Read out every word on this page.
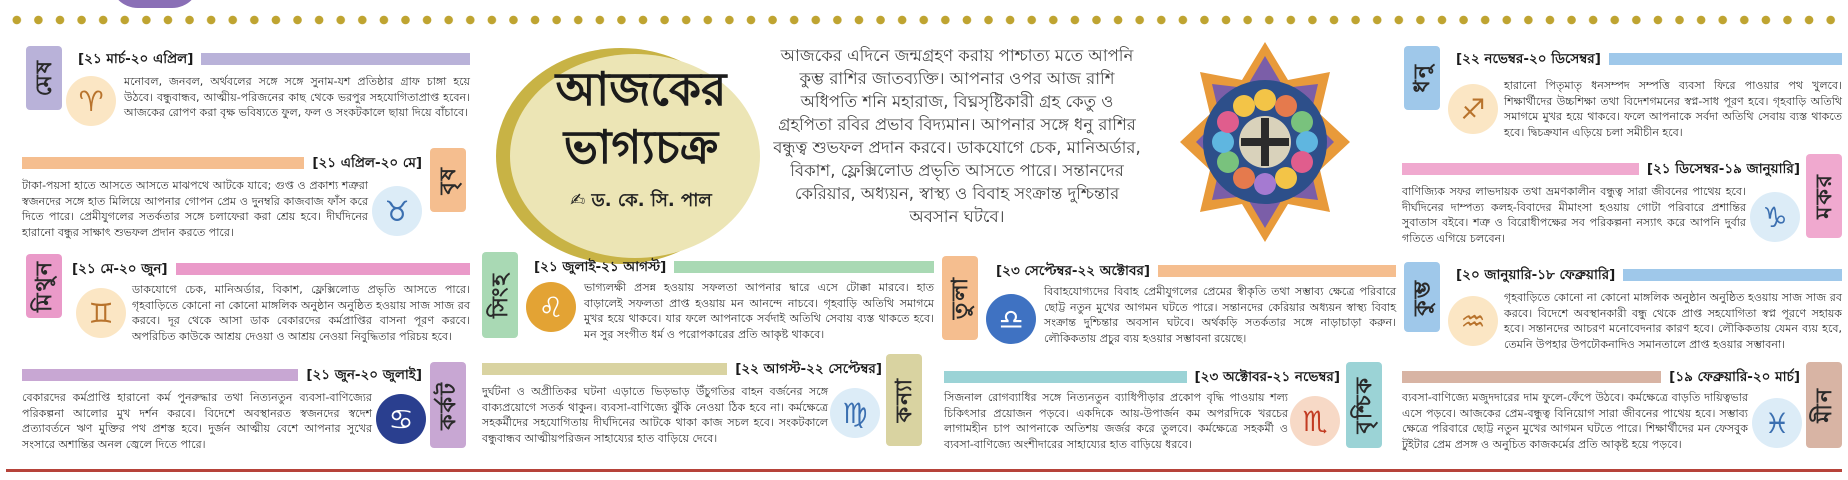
মেষ
[২১ মার্চ-২০ এপ্রিল]
♈
মনোবল, জনবল, অর্থবলের সঙ্গে সঙ্গে সুনাম-যশ প্রতিষ্ঠার গ্রাফ চাঙ্গা হয়ে উঠবে। বন্ধুবান্ধব, আত্মীয়-পরিজনের কাছ থেকে ভরপুর সহযোগিতাপ্রাপ্ত হবেন। আজকের রোপণ করা বৃক্ষ ভবিষ্যতে ফুল, ফল ও সংকটকালে ছায়া দিয়ে বাঁচাবে।
[২১ এপ্রিল-২০ মে]
বৃষ
♉
টাকা-পয়সা হাতে আসতে আসতে মাঝপথে আটকে যাবে; গুপ্ত ও প্রকাশ্য শত্রুরা স্বজনদের সঙ্গে হাত মিলিয়ে আপনার গোপন প্রেম ও দুনম্বরি কাজবাজ ফাঁস করে দিতে পারে। প্রেমীযুগলের সতর্কতার সঙ্গে চলাফেরা করা শ্রেয় হবে। দীর্ঘদিনের হারানো বন্ধুর সাক্ষাৎ শুভফল প্রদান করতে পারে।
মিথুন	[২১ মে-২০ জুন]
♊
ডাকযোগে চেক, মানিঅর্ডার, বিকাশ, ফ্লেক্সিলোড প্রভৃতি আসতে পারে। গৃহবাড়িতে কোনো না কোনো মাঙ্গলিক অনুষ্ঠান অনুষ্ঠিত হওয়ায় সাজ সাজ রব করবে। দূর থেকে আসা ডাক বেকারদের কর্মপ্রাপ্তির বাসনা পূরণ করবে। অপরিচিত কাউকে আশ্রয় দেওয়া ও আশ্রয় নেওয়া নিবুদ্ধিতার পরিচয় হবে।
[২১ জুন-২০ জুলাই]
কর্কট
♋
বেকারদের কর্মপ্রাপ্তি হারানো কর্ম পুনরুদ্ধার তথা নিত্যনতুন ব্যবসা-বাণিজ্যের পরিকল্পনা আলোর মুখ দর্শন করবে। বিদেশে অবস্থানরত স্বজনদের স্বদেশ প্রত্যাবর্তনে ঋণ মুক্তির পথ প্রশস্ত হবে। দুর্জন আত্মীয় বেশে আপনার সুখের সংসারে অশান্তির অনল জ্বেলে দিতে পারে।
আজকের
ভাগ্যচক্র
✍ ড. কে. সি. পাল
আজকের এদিনে জন্মগ্রহণ করায় পাশ্চাত্য মতে আপনি কুম্ভ রাশির জাতব্যক্তি। আপনার ওপর আজ রাশি অধিপতি শনি মহারাজ, বিঘ্নসৃষ্টিকারী গ্রহ কেতু ও গ্রহপিতা রবির প্রভাব বিদ্যমান। আপনার সঙ্গে ধনু রাশির বন্ধুত্ব শুভফল প্রদান করবে। ডাকযোগে চেক, মানিঅর্ডার, বিকাশ, ফ্লেক্সিলোড প্রভৃতি আসতে পারে। সন্তানদের কেরিয়ার, অধ্যয়ন, স্বাস্থ্য ও বিবাহ সংক্রান্ত দুশ্চিন্তার অবসান ঘটবে।
সিংহ
[২১ জুলাই-২১ আগস্ট]
♌
ভাগ্যলক্ষী প্রসন্ন হওয়ায় সফলতা আপনার দ্বারে এসে টোক্কা মারবে। হাত বাড়ালেই সফলতা প্রাপ্ত হওয়ায় মন আনন্দে নাচবে। গৃহবাড়ি অতিথি সমাগমে মুখর হয়ে থাকবে। যার ফলে আপনাকে সর্বদাই অতিথি সেবায় ব্যস্ত থাকতে হবে। মন সুর সংগীত ধর্ম ও পরোপকারের প্রতি আকৃষ্ট থাকবে।
[২২ আগস্ট-২২ সেপ্টেম্বর]
কন্যা
♍
দুর্ঘটনা ও অপ্রীতিকর ঘটনা এড়াতে ভিড়ভাড় উঁচুগতির বাহন বর্জনের সঙ্গে বাক্যপ্রয়োগে সতর্ক থাকুন। ব্যবসা-বাণিজ্যে ঝুঁকি নেওয়া ঠিক হবে না। কর্মক্ষেত্রে সহকর্মীদের সহযোগিতায় দীর্ঘদিনের আটকে থাকা কাজ সচল হবে। সংকটকালে বন্ধুবান্ধব আত্মীয়পরিজন সাহায্যের হাত বাড়িয়ে দেবে।
তুলা
[২৩ সেপ্টেম্বর-২২ অক্টোবর]
♎
বিবাহযোগ্যদের বিবাহ প্রেমীযুগলের প্রেমের স্বীকৃতি তথা সম্ভাব্য ক্ষেত্রে পরিবারে ছোট্ট নতুন মুখের আগমন ঘটতে পারে। সন্তানদের কেরিয়ার অধ্যয়ন স্বাস্থ্য বিবাহ সংক্রান্ত দুশ্চিন্তার অবসান ঘটবে। অর্থকড়ি সতর্কতার সঙ্গে নাড়াচাড়া করুন। লৌকিকতায় প্রচুর ব্যয় হওয়ার সম্ভাবনা রয়েছে।
[২৩ অক্টোবর-২১ নভেম্বর] বৃশ্চিক
♏
সিজনাল রোগব্যাধির সঙ্গে নিত্যনতুন ব্যাধিপীড়ার প্রকোপ বৃদ্ধি পাওয়ায় শল্য চিকিৎসার প্রয়োজন পড়বে। একদিকে আয়-উপার্জন কম অপরদিকে খরচের লাগামহীন চাপ আপনাকে অতিশয় জর্জর করে তুলবে। কর্মক্ষেত্রে সহকর্মী ও ব্যবসা-বাণিজ্যে অংশীদারের সাহায্যের হাত বাড়িয়ে ধরবে।
ধনু
[২২ নভেম্বর-২০ ডিসেম্বর]
♐
হারানো পিতৃমাতৃ ধনসম্পদ সম্পত্তি ব্যবসা ফিরে পাওয়ার পথ খুলবে। শিক্ষার্থীদের উচ্চশিক্ষা তথা বিদেশগমনের স্বপ্ন-সাধ পূরণ হবে। গৃহবাড়ি অতিথি সমাগমে মুখর হয়ে থাকবে। ফলে আপনাকে সর্বদা অতিথি সেবায় ব্যস্ত থাকতে হবে। দ্বিচক্রযান এড়িয়ে চলা সমীচীন হবে।
[২১ ডিসেম্বর-১৯ জানুয়ারি]
মকর
♑
বাণিজ্যিক সফর লাভদায়ক তথা ভ্রমণকালীন বন্ধুত্ব সারা জীবনের পাথেয় হবে। দীর্ঘদিনের দাম্পত্য কলহ-বিবাদের মীমাংসা হওয়ায় গোটা পরিবারে প্রশান্তির সুবাতাস বইবে। শত্রু ও বিরোধীপক্ষের সব পরিকল্পনা নস্যাৎ করে আপনি দুর্বার গতিতে এগিয়ে চলবেন।
কুম্ভ
[২০ জানুয়ারি-১৮ ফেব্রুয়ারি]
♒
গৃহবাড়িতে কোনো না কোনো মাঙ্গলিক অনুষ্ঠান অনুষ্ঠিত হওয়ায় সাজ সাজ রব করবে। বিদেশে অবস্থানকারী বন্ধু থেকে প্রাপ্ত সহযোগিতা স্বপ্ন পূরণে সহায়ক হবে। সন্তানদের আচরণ মনোবেদনার কারণ হবে। লৌকিকতায় যেমন ব্যয় হবে, তেমনি উপহার উপঢৌকনাদিও সমানতালে প্রাপ্ত হওয়ার সম্ভাবনা।
[১৯ ফেব্রুয়ারি-২০ মার্চ]
মীন
♓
ব্যবসা-বাণিজ্যে মজুদদারের দাম ফুলে-ফেঁপে উঠবে। কর্মক্ষেত্রে বাড়তি দায়িত্বভার এসে পড়বে। আজকের প্রেম-বন্ধুত্ব বিনিয়োগ সারা জীবনের পাথেয় হবে। সম্ভাব্য ক্ষেত্রে পরিবারে ছোট্ট নতুন মুখের আগমন ঘটতে পারে। শিক্ষার্থীদের মন ফেসবুক টুইটার প্রেম প্রসঙ্গ ও অনুচিত কাজকর্মের প্রতি আকৃষ্ট হয়ে পড়বে।
